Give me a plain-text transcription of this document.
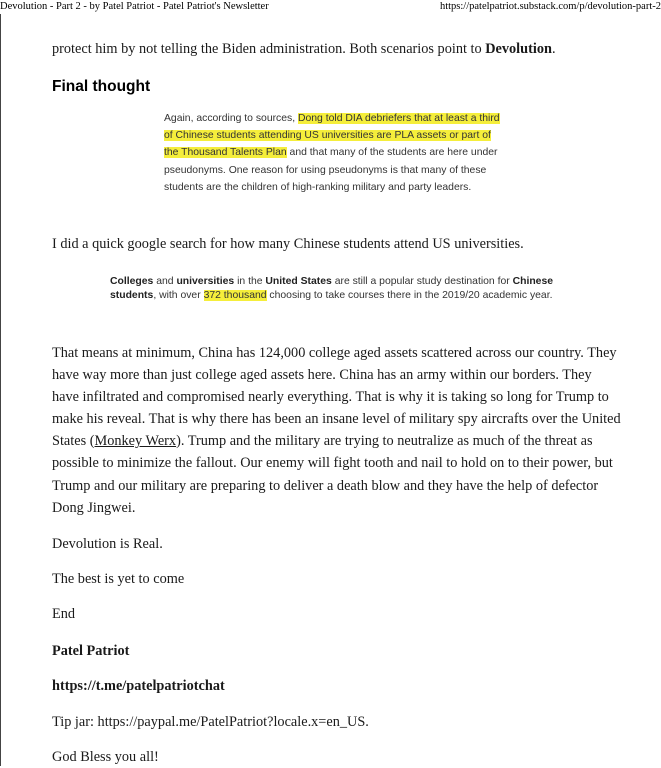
Devolution - Part 2 - by Patel Patriot - Patel Patriot's Newsletter	https://patelpatriot.substack.com/p/devolution-part-2

protect him by not telling the Biden administration. Both scenarios point to Devolution.

Final thought

Again, according to sources, Dong told DIA debriefers that at least a third of Chinese students attending US universities are PLA assets or part of the Thousand Talents Plan and that many of the students are here under pseudonyms. One reason for using pseudonyms is that many of these students are the children of high-ranking military and party leaders.

I did a quick google search for how many Chinese students attend US universities.

Colleges and universities in the United States are still a popular study destination for Chinese students, with over 372 thousand choosing to take courses there in the 2019/20 academic year.

That means at minimum, China has 124,000 college aged assets scattered across our country. They have way more than just college aged assets here. China has an army within our borders. They have infiltrated and compromised nearly everything. That is why it is taking so long for Trump to make his reveal. That is why there has been an insane level of military spy aircrafts over the United States (Monkey Werx). Trump and the military are trying to neutralize as much of the threat as possible to minimize the fallout. Our enemy will fight tooth and nail to hold on to their power, but Trump and our military are preparing to deliver a death blow and they have the help of defector Dong Jingwei.

Devolution is Real.

The best is yet to come

End

Patel Patriot

https://t.me/patelpatriotchat

Tip jar: https://paypal.me/PatelPatriot?locale.x=en_US.

God Bless you all!
